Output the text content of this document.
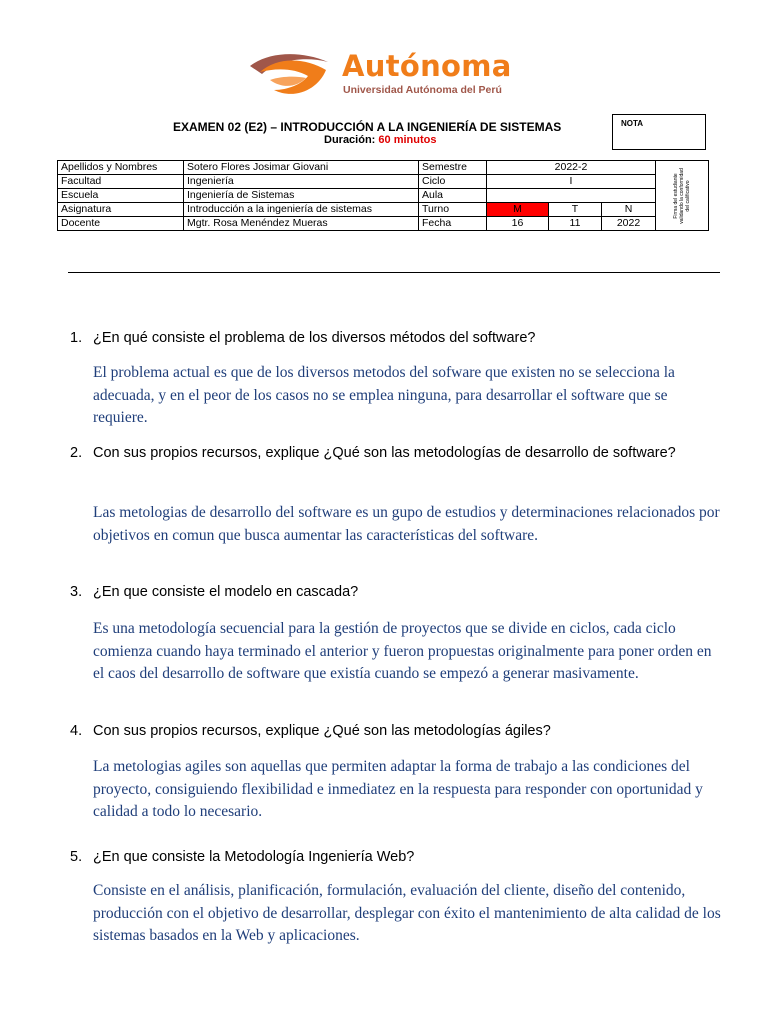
Autónoma
Universidad Autónoma del Perú
EXAMEN 02 (E2) – INTRODUCCIÓN A LA INGENIERÍA DE SISTEMAS
Duración: 60 minutos
NOTA
Apellidos y Nombres	Sotero Flores Josimar Giovani	Semestre	2022-2			Firma del estudiante validando la conformidad del calificativo

Facultad	Ingeniería	Ciclo	I			
Escuela	Ingeniería de Sistemas	Aula				
Asignatura	Introducción a la ingeniería de sistemas	Turno	M	T	N	
Docente	Mgtr. Rosa Menéndez Mueras	Fecha	16	11	2022	
1. ¿En qué consiste el problema de los diversos métodos del software?
El problema actual es que de los diversos metodos del sofware que existen no se selecciona la adecuada, y en el peor de los casos no se emplea ninguna, para desarrollar el software que se requiere.
2. Con sus propios recursos, explique ¿Qué son las metodologías de desarrollo de software?
Las metologias de desarrollo del software es un gupo de estudios y determinaciones relacionados por objetivos en comun que busca aumentar las características del software.
3. ¿En que consiste el modelo en cascada?
Es una metodología secuencial para la gestión de proyectos que se divide en ciclos, cada ciclo comienza cuando haya terminado el anterior y fueron propuestas originalmente para poner orden en el caos del desarrollo de software que existía cuando se empezó a generar masivamente.
4. Con sus propios recursos, explique ¿Qué son las metodologías ágiles?
La metologias agiles son aquellas que permiten adaptar la forma de trabajo a las condiciones del proyecto, consiguiendo flexibilidad e inmediatez en la respuesta para responder con oportunidad y calidad a todo lo necesario.
5. ¿En que consiste la Metodología Ingeniería Web?
Consiste en el análisis, planificación, formulación, evaluación del cliente, diseño del contenido, producción con el objetivo de desarrollar, desplegar con éxito el mantenimiento de alta calidad de los sistemas basados en la Web y aplicaciones.
